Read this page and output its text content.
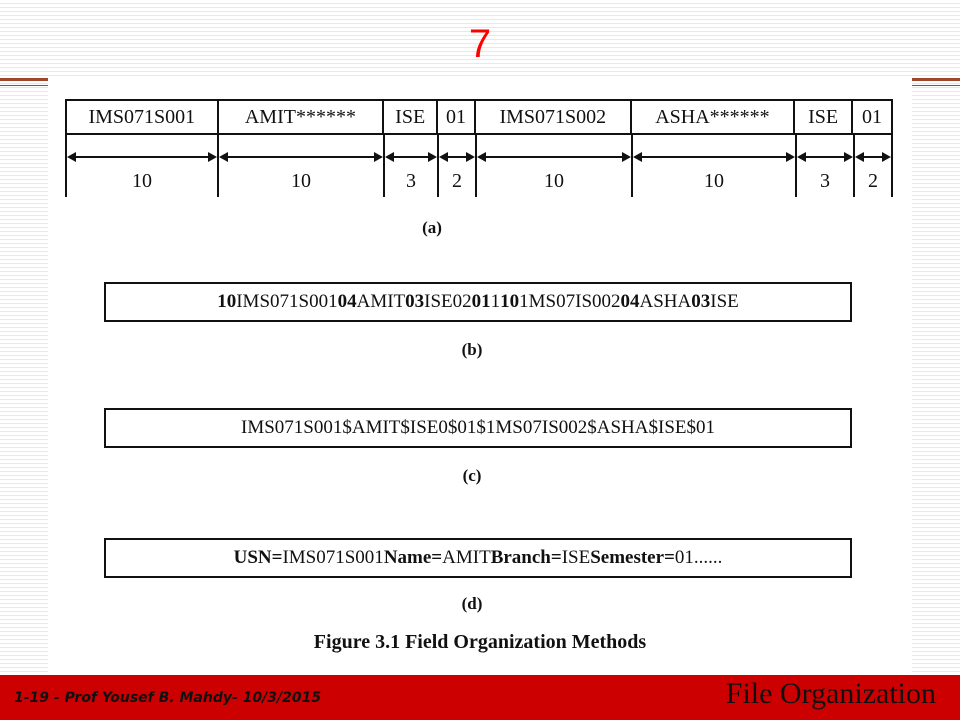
7
IMS071S001	AMIT******	ISE	01	IMS071S002	ASHA******	ISE	01
10	10	3 2	10	10	3 2
(a)
10IMS071S00104AMIT03ISE02011101MS07IS00204ASHA03ISE
(b)
IMS071S001$AMIT$ISE0$01$1MS07IS002$ASHA$ISE$01
(c)
USN=IMS071S001Name=AMITBranch=ISESemester=01......
(d)
Figure 3.1 Field Organization Methods
1-19 - Prof Yousef B. Mahdy- 10/3/2015	File Organization
